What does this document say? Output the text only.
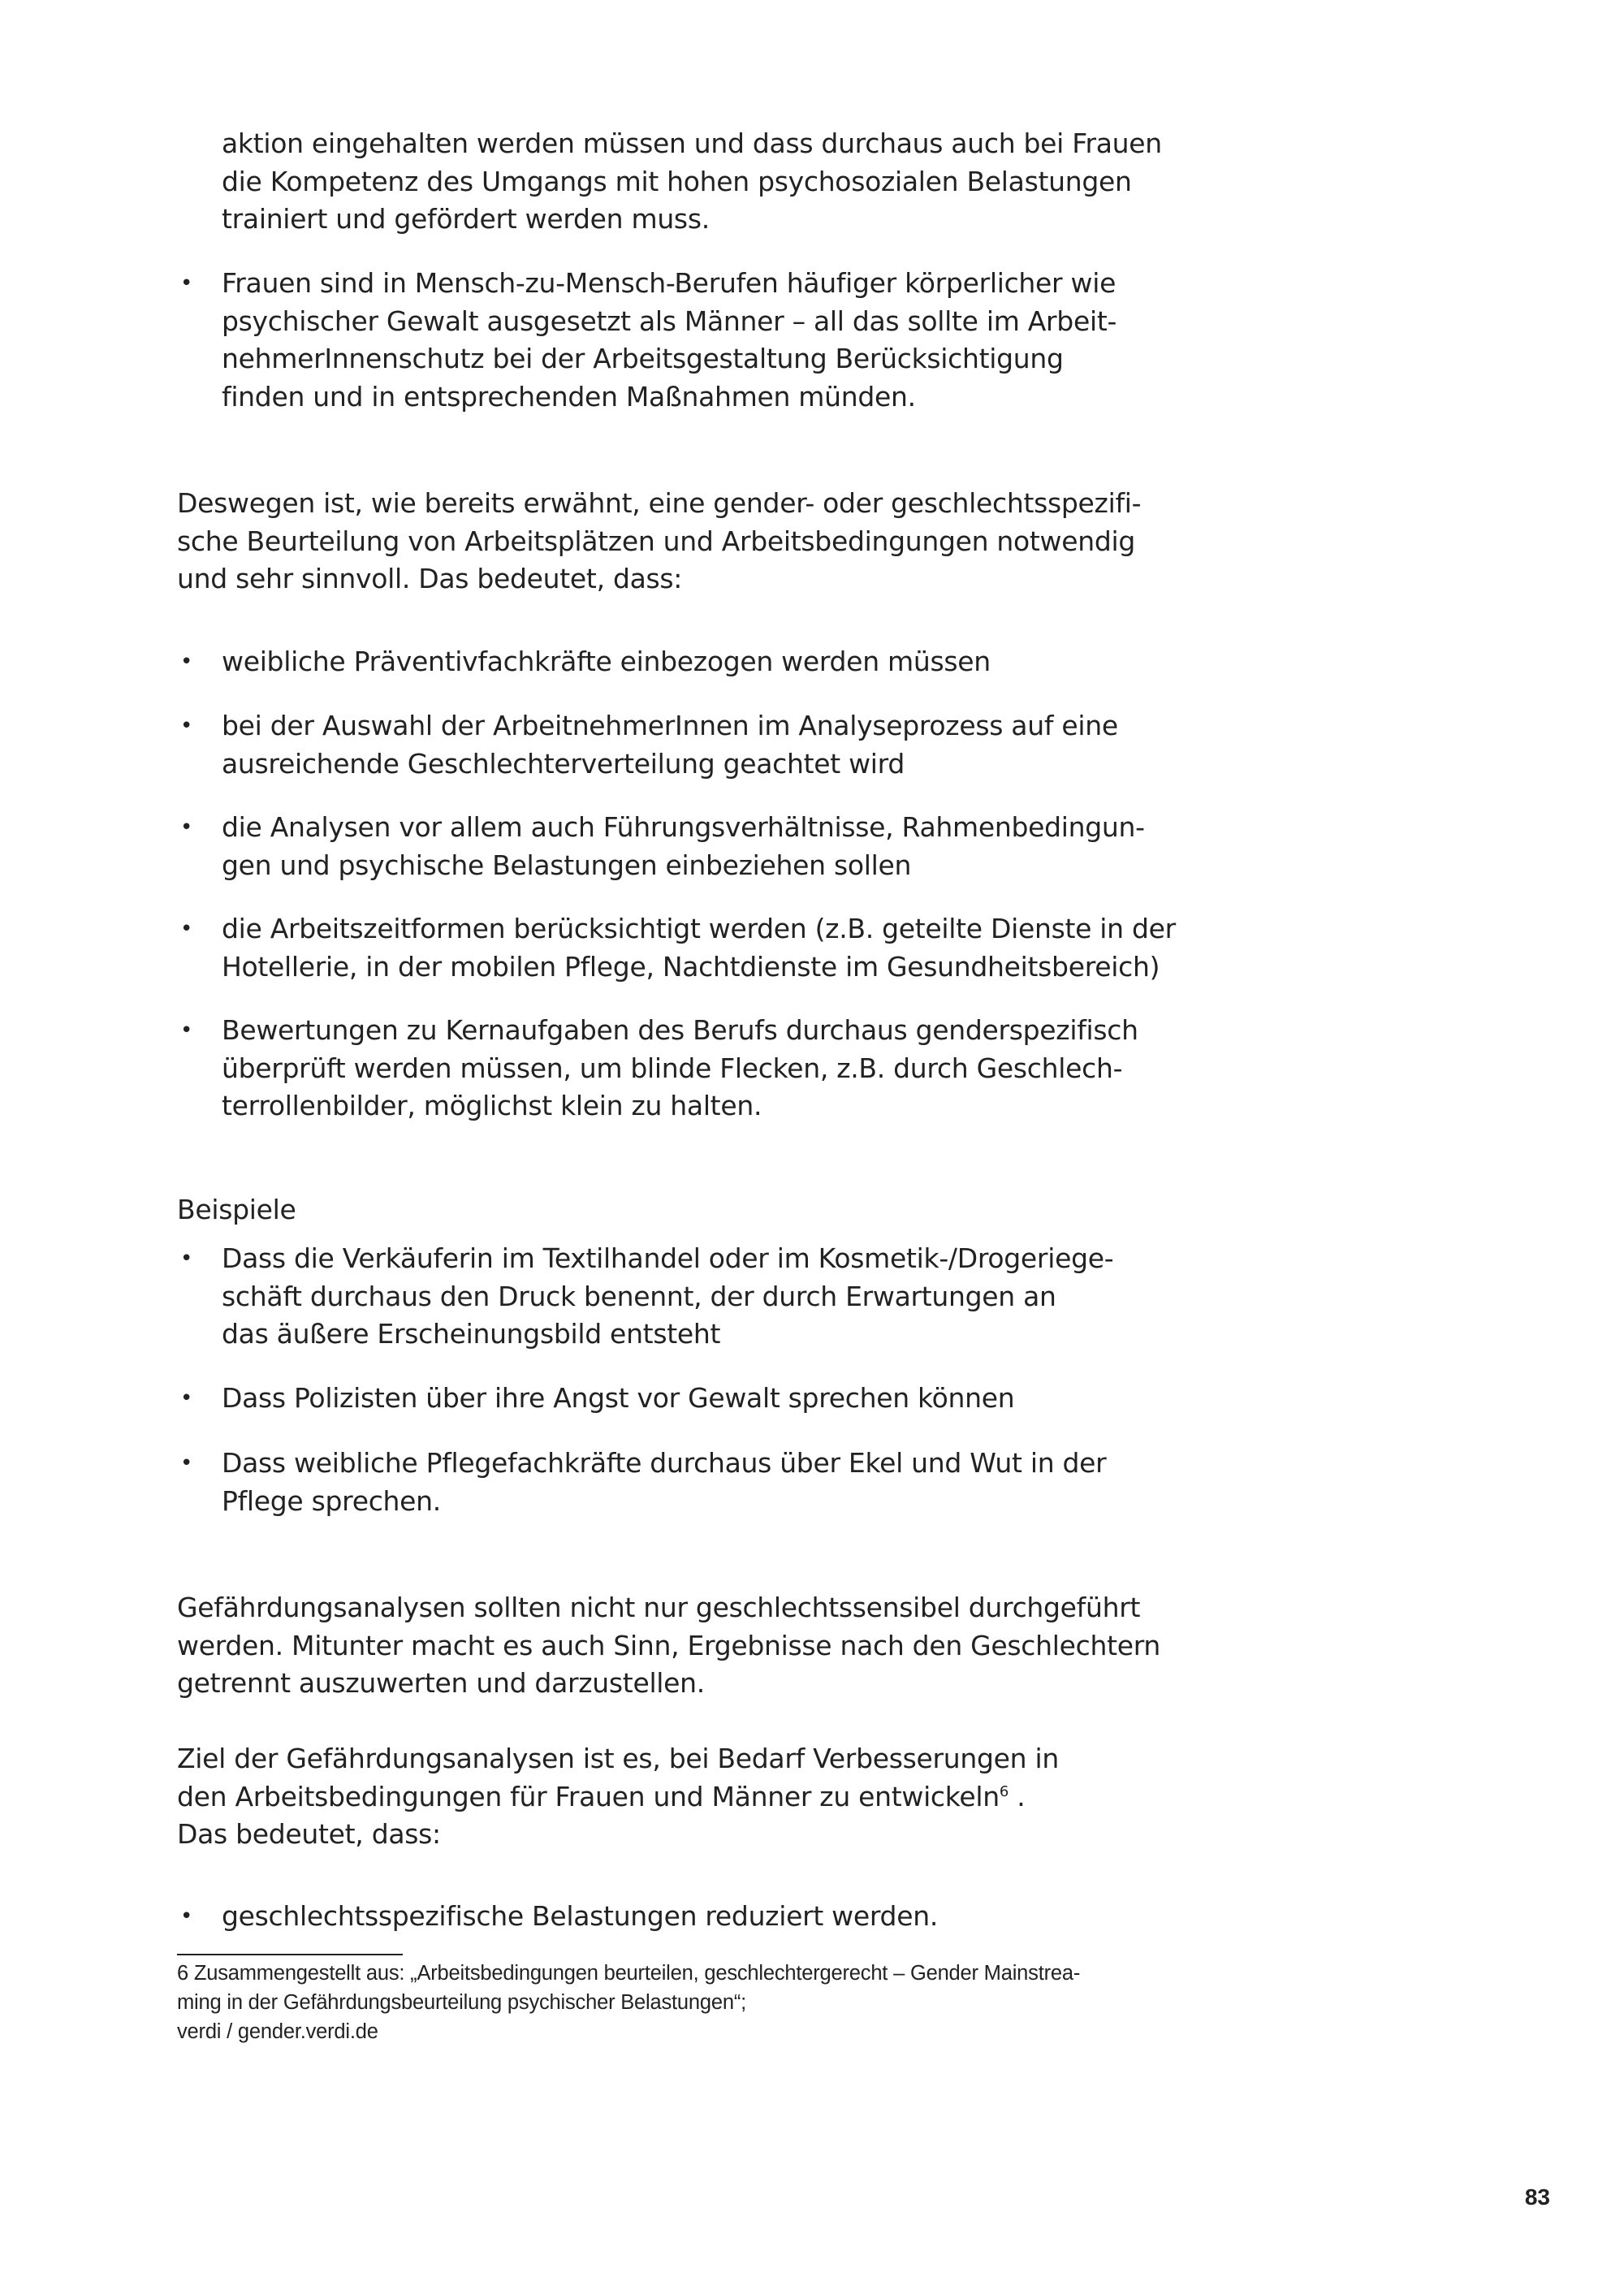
aktion eingehalten werden müssen und dass durchaus auch bei Frauen
die Kompetenz des Umgangs mit hohen psychosozialen Belastungen
trainiert und gefördert werden muss.
• Frauen sind in Mensch-zu-Mensch-Berufen häufiger körperlicher wie
psychischer Gewalt ausgesetzt als Männer – all das sollte im Arbeit-
nehmerInnenschutz bei der Arbeitsgestaltung Berücksichtigung
finden und in entsprechenden Maßnahmen münden.
Deswegen ist, wie bereits erwähnt, eine gender- oder geschlechtsspezifi-
sche Beurteilung von Arbeitsplätzen und Arbeitsbedingungen notwendig
und sehr sinnvoll. Das bedeutet, dass:
• weibliche Präventivfachkräfte einbezogen werden müssen
• bei der Auswahl der ArbeitnehmerInnen im Analyseprozess auf eine
ausreichende Geschlechterverteilung geachtet wird
• die Analysen vor allem auch Führungsverhältnisse, Rahmenbedingun-
gen und psychische Belastungen einbeziehen sollen
• die Arbeitszeitformen berücksichtigt werden (z.B. geteilte Dienste in der
Hotellerie, in der mobilen Pflege, Nachtdienste im Gesundheitsbereich)
• Bewertungen zu Kernaufgaben des Berufs durchaus genderspezifisch
überprüft werden müssen, um blinde Flecken, z.B. durch Geschlech-
terrollenbilder, möglichst klein zu halten.
Beispiele
• Dass die Verkäuferin im Textilhandel oder im Kosmetik-/Drogeriege-
schäft durchaus den Druck benennt, der durch Erwartungen an
das äußere Erscheinungsbild entsteht
• Dass Polizisten über ihre Angst vor Gewalt sprechen können
• Dass weibliche Pflegefachkräfte durchaus über Ekel und Wut in der
Pflege sprechen.
Gefährdungsanalysen sollten nicht nur geschlechtssensibel durchgeführt
werden. Mitunter macht es auch Sinn, Ergebnisse nach den Geschlechtern
getrennt auszuwerten und darzustellen.
Ziel der Gefährdungsanalysen ist es, bei Bedarf Verbesserungen in
den Arbeitsbedingungen für Frauen und Männer zu entwickeln$^6$ .
Das bedeutet, dass:
• geschlechtsspezifische Belastungen reduziert werden.
6 Zusammengestellt aus: „Arbeitsbedingungen beurteilen, geschlechtergerecht – Gender Mainstrea-
ming in der Gefährdungsbeurteilung psychischer Belastungen“;
verdi / gender.verdi.de
83
